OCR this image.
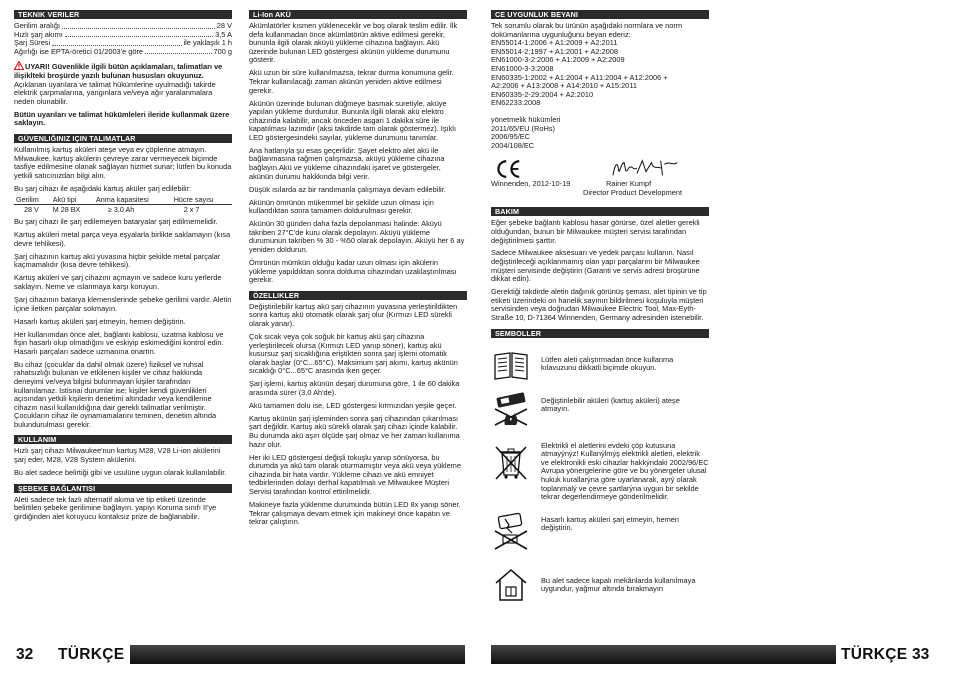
TEKNIK VERILER
Gerilim aralığı	28 V
Hızlı şarj akımı	3,5 A
Şarj Süresi	ile yaklaşık 1 h
Ağırlığı ise EPTA-öretici 01/2003'e göre	700 g

UYARI! Güvenlikle ilgili bütün açıklamaları, talimatları ve ilişiklteki broşürde yazılı bulunan hususları okuyunuz. Açıklanan uyarılara ve talimat hükümlerine uyulmadığı takirde elektrik çarpmalarına, yangınlara ve/veya ağır yaralanmalara neden olunabilir.

Bütün uyarıları ve talimat hükümleleri ileride kullanmak üzere saklayın.

GÜVENLIĞINIZ IÇIN TALIMATLAR

Kullanılmış kartuş aküleri ateşe veya ev çöplerine atmayın. Milwaukee, kartuş akülerin çevreye zarar vermeyecek biçimde tasfiye edilmesine olanak sağlayan hizmet sunar; lütfen bu konuda yetkili satıcınızdan bilgi alın.

Bu şarj cihazı ile aşağıdaki kartuş aküler şarj edilebilir:

Gerilim	Akü tipi	Anma kapasitesi	Hücre sayısı
28 V	M 28 BX	≥ 3,0 Ah	2 x 7

Bu şarj cihazı ile şarj edilemeyen bataryalar şarj edilmemelidir.

Kartuş aküleri metal parça veya eşyalarla birlikte saklamayın (kısa devre tehlikesi).

Şarj cihazının kartuş akü yuvasına hiçbir şekilde metal parçalar kaçmamalıdır (kısa devre tehlikesi).

Kartuş aküleri ve şarj cihazını açmayın ve sadece kuru yerlerde saklayın. Neme ve ıslanmaya karşı koruyun.

Şarj cihazının batarya klemenslerinde şebeke gerilimi vardır. Aletin içine iletken parçalar sokmayın.

Hasarlı kartuş aküleri şarj etmeyin, hemen değiştirin.

Her kullanımdan önce alet, bağlantı kablosu, uzatma kablosu ve fişin hasarlı olup olmadığını ve eskiyip eskimediğini kontrol edin. Hasarlı parçaları sadece uzmanına onartın.

Bu cihaz (çocuklar da dahil olmak üzere) fiziksel ve ruhsal rahatsızlığı bulunan ve etkilenen kişiler ve cihaz hakkında deneyimi ve/veya bilgisi bulunmayan kişiler tarafından kullanılamaz. İstisnai durumlar ise; kişiler kendi güvenlikleri açısından yetkili kişilerin denetimi altındadır veya kendilerine cihazın nasıl kullanıldığına dair gerekli talimatlar verilmiştir. Çocukların cihaz ile oynamamalarını teminen, denetim altında bulundurulması gerekir.

KULLANIM

Hızlı şarj cihazı Milwaukee'nun kartuş M28, V28 Li-ion akülerini şarj eder, M28, V28 System akülerini.

Bu alet sadece belirtiği gibi ve usulüne uygun olarak kullanılabilir.

ŞEBEKE BAĞLANTISI

Aleti sadece tek fazlı alternatif akıma ve tip etiketi üzerinde belirtilen şebeke gerilimine bağlayın. yapıyı Koruma sınıfı II'ye girdiğinden alet koruyucu kontaksız prize de bağlanabilir.

Li-Ion AKÜ

Akümlatörler kısmen yükleneceklir ve boş olarak teslim edilir. İlk defa kullanmadan önce akümlatörün aktive edilmesi gerekir, bununla ilgili olarak aküyü yükleme cihazına bağlayın. Akü üzerinde bulunan LED göstergesi akünün yükleme durumunu gösterir.

Akü uzun bir süre kullanılmazsa, tekrar durma konumuna gelir. Tekrar kullanılacağı zaman akünün yeniden aktive edilmesi gerekir.

Akünün üzerinde bulunan düğmeye basmak suretiyle, aküye yapılan yükleme durdurulur. Bununla ilgili olarak akü elektro cihazında kalabilir, ancak önceden asgari 1 dakika süre ile kapatılması lazımdır (aksi takdirde tam olarak göstermez). Işıklı LED göstergesindeki sayılar, yükleme durumunu tanımlar.

Ana hatlarıyla şu esas geçerlidir: Şayet elektro alet akü ile bağlanmasına rağmen çalışmazsa, aküyü yükleme cihazına bağlayın.Akü ve yükleme cihazındaki işaret ve göstergeler, akünün durumu hakkkında bilgi verir.

Düşük ısılarda az bir randımanla çalışmaya devam edilebilir.

Akünün ömrünün mükemmel bir şekilde uzun olması için kullandıktan sonra tamamen doldurulması gerekir.

Akünün 30 günden daha fazla depolanması halinde: Aküyü takriben 27°C'de kuru olarak depolayın. Aküyü yükleme durumunun takriben % 30 - %50 olarak depolayın. Aküyü her 6 ay yeniden doldurun.

Ömrünün mümkün olduğu kadar uzun olması için akülerin yükleme yapıldıktan sonra dolduma cihazından uzaklaştırılması gerekir.

ÖZELLIKLER

Değiştirilebilir kartuş akü şarj cihazının yuvasına yerleştirildikten sonra kartuş akü otomatik olarak şarj olur (Kırmızı LED sürekli olarak yanar).

Çok sıcak veya çok soğuk bir kartuş akü şarj cihazına yerleştirilecek olursa (Kırmızı LED yanıp söner), kartuş akü kusursuz şarj sıcaklığına eriştikten sonra şarj işlemi otomatik olarak başlar (0°C...65°C). Maksimum şarj akımı, kartuş akünün sıcaklığı 0°C...65°C arasında iken geçer.

Şarj işlemi, kartuş akünün deşarj durumuna göre, 1 ile 60 dakika arasında sürer (3,0 Ah'de).

Akü tamamen dolu ise, LED göstergesi kırmızıdan yeşile geçer.

Kartuş akünün şarj işleminden sonra şarj cihazından çıkarılması şart değildir. Kartuş akü sürekli olarak şarj cihazı içinde kalabilir. Bu durumda akü aşırı ölçüde şarj olmaz ve her zaman kullanıma hazır olur.

Her iki LED göstergesi değişli tokuşlu yanıp sönüyorsa, bu durumda ya akü tam olarak oturmamıştır veya akü veya yükleme cihazında bir hata vardır. Yükleme cihazı ve akü emniyet tedbirlerinden dolayı derhal kapatılmalı ve Milwaukee Müşteri Servisi tarafından kontrol ettirilmelidir.

Makineye fazla yüklenme durumunda bütün LED 8x yanıp söner. Tekrar çalışmaya devam etmek için makineyi önce kapatın ve tekrar çalıştırın.

CE UYGUNLUK BEYANI

Tek sorumlu olarak bu ürünün aşağıdaki normlara ve norm dokümanlarına uygunluğunu beyan ederiz:

EN55014-1:2006 + A1:2009 + A2:2011

EN55014-2:1997 + A1:2001 + A2:2008

EN61000-3-2:2006 + A1:2009 + A2:2009

EN61000-3-3:2008

EN60335-1:2002 + A1:2004 + A11:2004 + A12:2006 +

A2:2006 + A13:2008 + A14:2010 + A15:2011

EN60335-2-29:2004 + A2:2010

EN62233:2008

yönetmelik hükümleri

2011/65/EU (RoHs)

2006/95/EC

2004/108/EC

Winnenden, 2012-10-19	Rainer Kumpf
Director Product Development
BAKIM

Eğer şebeke bağlantı kablosu hasar görürse, özel aletler gerekli olduğundan, bunun bir Milwaukee müşteri servisi tarafından değiştirilmesi şarttır.

Sadece Milwaukee aksesuarı ve yedek parçası kullanın. Nasıl değiştirileceği açıklanmamış olan yapı parçalarını bir Milwaukee müşteri servisinde değiştirin (Garanti ve servis adresi broşürüne dikkat edin).

Gerektiği takdirde aletin dağınık görünüş şeması, alet tipinin ve tip etiketi üzerindeki on hanelik sayının bildirilmesi koşuluyla müşteri servisinden veya doğrudan Milwaukee Electric Tool, Max-Eyth-Straße 10, D-71364 Winnenden, Germany adresinden istenebilir.

SEMBOLLER
Lütfen aleti çalıştırmadan önce kullanma kılavuzunu dikkatli biçimde okuyun.
Değiştirilebilir aküleri (kartuş aküleri) ateşe atmayın.
Elektrikli el aletlerini evdeki çöp kutusuna atmayýnýz! Kullanýlmýş elektrikli aletleri, elektrik ve elektronikli eski cihazlar hakkýndaki 2002/96/EC Avrupa yönergelerine göre ve bu yönergeler ulusal hukuk kurallarýna göre uyarlanarak, ayrý olarak toplanmalý ve çevre şartlarýna uygun bir sekilde tekrar degerlendirmeye gönderilmelidir.
Hasarlı kartuş aküleri şarj etmeyin, hemen değiştirin.
Bu alet sadece kapalı mekânlarda kullanılmaya uygundur, yağmur altında bırakmayın
32 TÜRKÇE	TÜRKÇE 33
